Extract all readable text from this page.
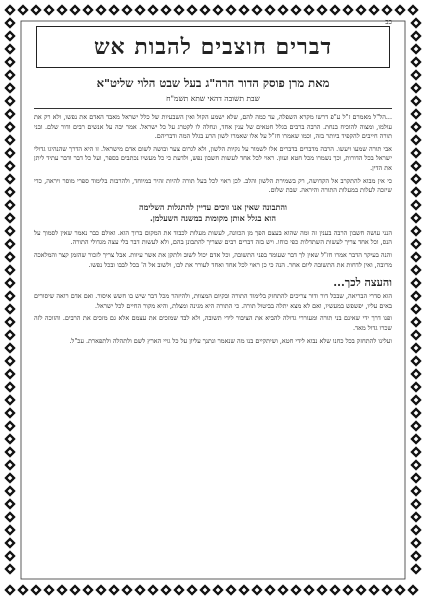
כב
דברים חוצבים להבות אש
מאת מרן פוסק הדור הרה"ג בעל שבט הלוי שליט"א
שבת תשובה דהאי שתא תשמ"ח

...הל"ל מאמרם ז"ל ע"פ דרשו מקרא השפלה, עד כמה להם, שלא ישמע הקול ואין השבעיות של כלל ישראל מאבד האדם את נפשו, ולא רק את עולמו, ומצוה להוכיח בנחת. הרבה ברבים בגלל חטאים של ענין אחד, ונחלה לו לקטרג על כל ישראל. אמר יבה על אנשים רבים ודור שלם. ובני תורה חייבים להקפיד ביותר בזה, וכמו שאמרו חז"ל על אלו שאמרו לשון הרע בגלל המה ודבריהם.

אבי תורה שמעו ויעשו. הרבה מדברים בדברים אלו לשמור על נקיות הלשון, ולא לגרום צער ובושה לשום אדם מישראל. זו היא הדרך שהנהיגו גדולי ישראל בכל הדורות, וכך נשמרו מכל חטא ועוון. ראוי לכל אחד לעשות חשבון נפש, ולדעת כי כל מעשיו נכתבים בספר, ועל כל דבר ודבר עתיד ליתן את הדין.

כי אין מבוא להתקרב אל הקדושה, רק בשמירת הלשון והלב. לכן ראוי לכל בעל תורה להיות זהיר במיוחד, ולהרבות בלימוד ספרי מוסר ויראה, כדי שיזכה לעלות במעלות התורה והיראה. שבת שלום.

והתבונה שאין אנו זוכים עדיין להתגלות השלימה
הוא בגלל אותן מקומות במשנה השעלמן.

הנני עושה חשבון הרבה בענין זה ומה שהוא בעצם הפך מן הכוונה, לעשות מעלות לכבוד את המקום ברוך הוא. ואולם כבר נאמר שאין לסמוך על הנס, וכל אחד צריך לעשות השתדלות כפי כוחו. ויש בזה דברים רבים שצריך להתבונן בהם, ולא לעשות דבר בלי עצה מגדולי התורה.

והנה בעיקר הדבר אמרו חז"ל שאין לך דבר שעומד בפני התשובה, וכל אדם יכול לשוב ולתקן את אשר עיוות. אבל צריך לזכור שהזמן קצר והמלאכה מרובה, ואין לדחות את התשובה ליום אחר. הנה כי כן ראוי לכל אחד ואחד לעורר את לבו, ולשוב אל ה' בכל לבבו ובכל נפשו.

והעצה לכך...

הוא סדרי הבריאה, שבכל דור ודור צריכים להתחזק בלימוד התורה ובקיום המצוות, ולהיזהר מכל דבר שיש בו חשש איסור. ואם אדם רואה שיסורים באים עליו, יפשפש במעשיו, ואם לא מצא יתלה בביטול תורה. כי התורה היא מגינה ומצלת, והיא מקור החיים לכל ישראל.

ופנו דרך ידי שאינם בני תורה ומעוררי גדולה להביא את הציבור לידי תשובה, ולא לבד שמזכים את עצמם אלא גם מזכים את הרבים. והזוכה לזה שכרו גדול מאד.

ועלינו להתחזק בכל כחנו שלא נבוא לידי חטא, ושיתקיים בנו מה שנאמר ונתנך עליון על כל גויי הארץ לשם ולתהלה ולתפארת. עכ"ל.
